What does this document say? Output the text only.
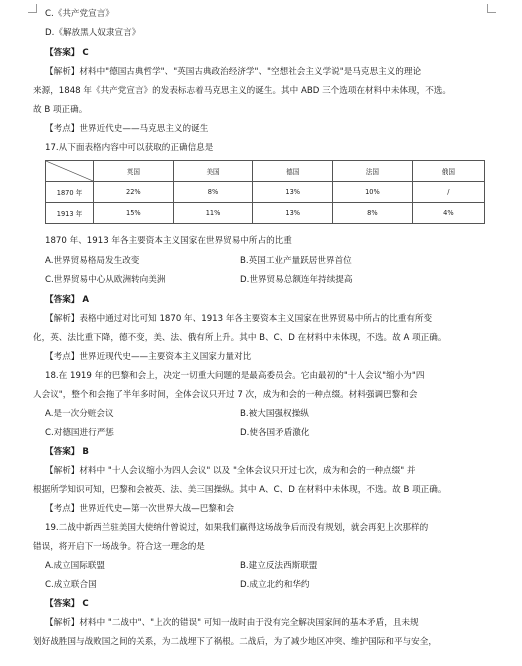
C.《共产党宣言》
D.《解放黑人奴隶宣言》
【答案】 C
【解析】材料中"德国古典哲学"、"英国古典政治经济学"、"空想社会主义学说"是马克思主义的理论
来源，1848 年《共产党宣言》的发表标志着马克思主义的诞生。其中 ABD 三个选项在材料中未体现，不选。
故 B 项正确。
【考点】世界近代史——马克思主义的诞生
17.从下面表格内容中可以获取的正确信息是
	英国	美国	德国	法国	俄国
1870 年	22%	8%	13%	10%	/
1913 年	15%	11%	13%	8%	4%
1870 年、1913 年各主要资本主义国家在世界贸易中所占的比重
A.世界贸易格局发生改变	B.英国工业产量跃居世界首位
C.世界贸易中心从欧洲转向美洲	D.世界贸易总额连年持续提高
【答案】 A
【解析】表格中通过对比可知 1870 年、1913 年各主要资本主义国家在世界贸易中所占的比重有所变
化，英、法比重下降，德不变，美、法、俄有所上升。其中 B、C、D 在材料中未体现，不选。故 A 项正确。
【考点】世界近现代史——主要资本主义国家力量对比
18.在 1919 年的巴黎和会上，决定一切重大问题的是最高委员会。它由最初的"十人会议"缩小为"四
人会议"，整个和会拖了半年多时间，全体会议只开过 7 次，成为和会的一种点缀。材料强调巴黎和会
A.是一次分赃会议	B.被大国强权操纵
C.对德国进行严惩	D.使各国矛盾激化
【答案】 B
【解析】材料中 "十人会议缩小为四人会议" 以及 "全体会议只开过七次，成为和会的一种点缀" 并
根据所学知识可知，巴黎和会被英、法、美三国操纵。其中 A、C、D 在材料中未体现，不选。故 B 项正确。
【考点】世界近代史—第一次世界大战—巴黎和会
19.二战中新西兰驻美国大使纳什曾说过，如果我们赢得这场战争后而没有规划，就会再犯上次那样的
错误，将开启下一场战争。符合这一理念的是
A.成立国际联盟	B.建立反法西斯联盟
C.成立联合国	D.成立北约和华约
【答案】 C
【解析】材料中 "二战中"、"上次的错误" 可知一战时由于没有完全解决国家间的基本矛盾，且未规
划好战胜国与战败国之间的关系，为二战埋下了祸根。二战后，为了减少地区冲突、维护国际和平与安全，
